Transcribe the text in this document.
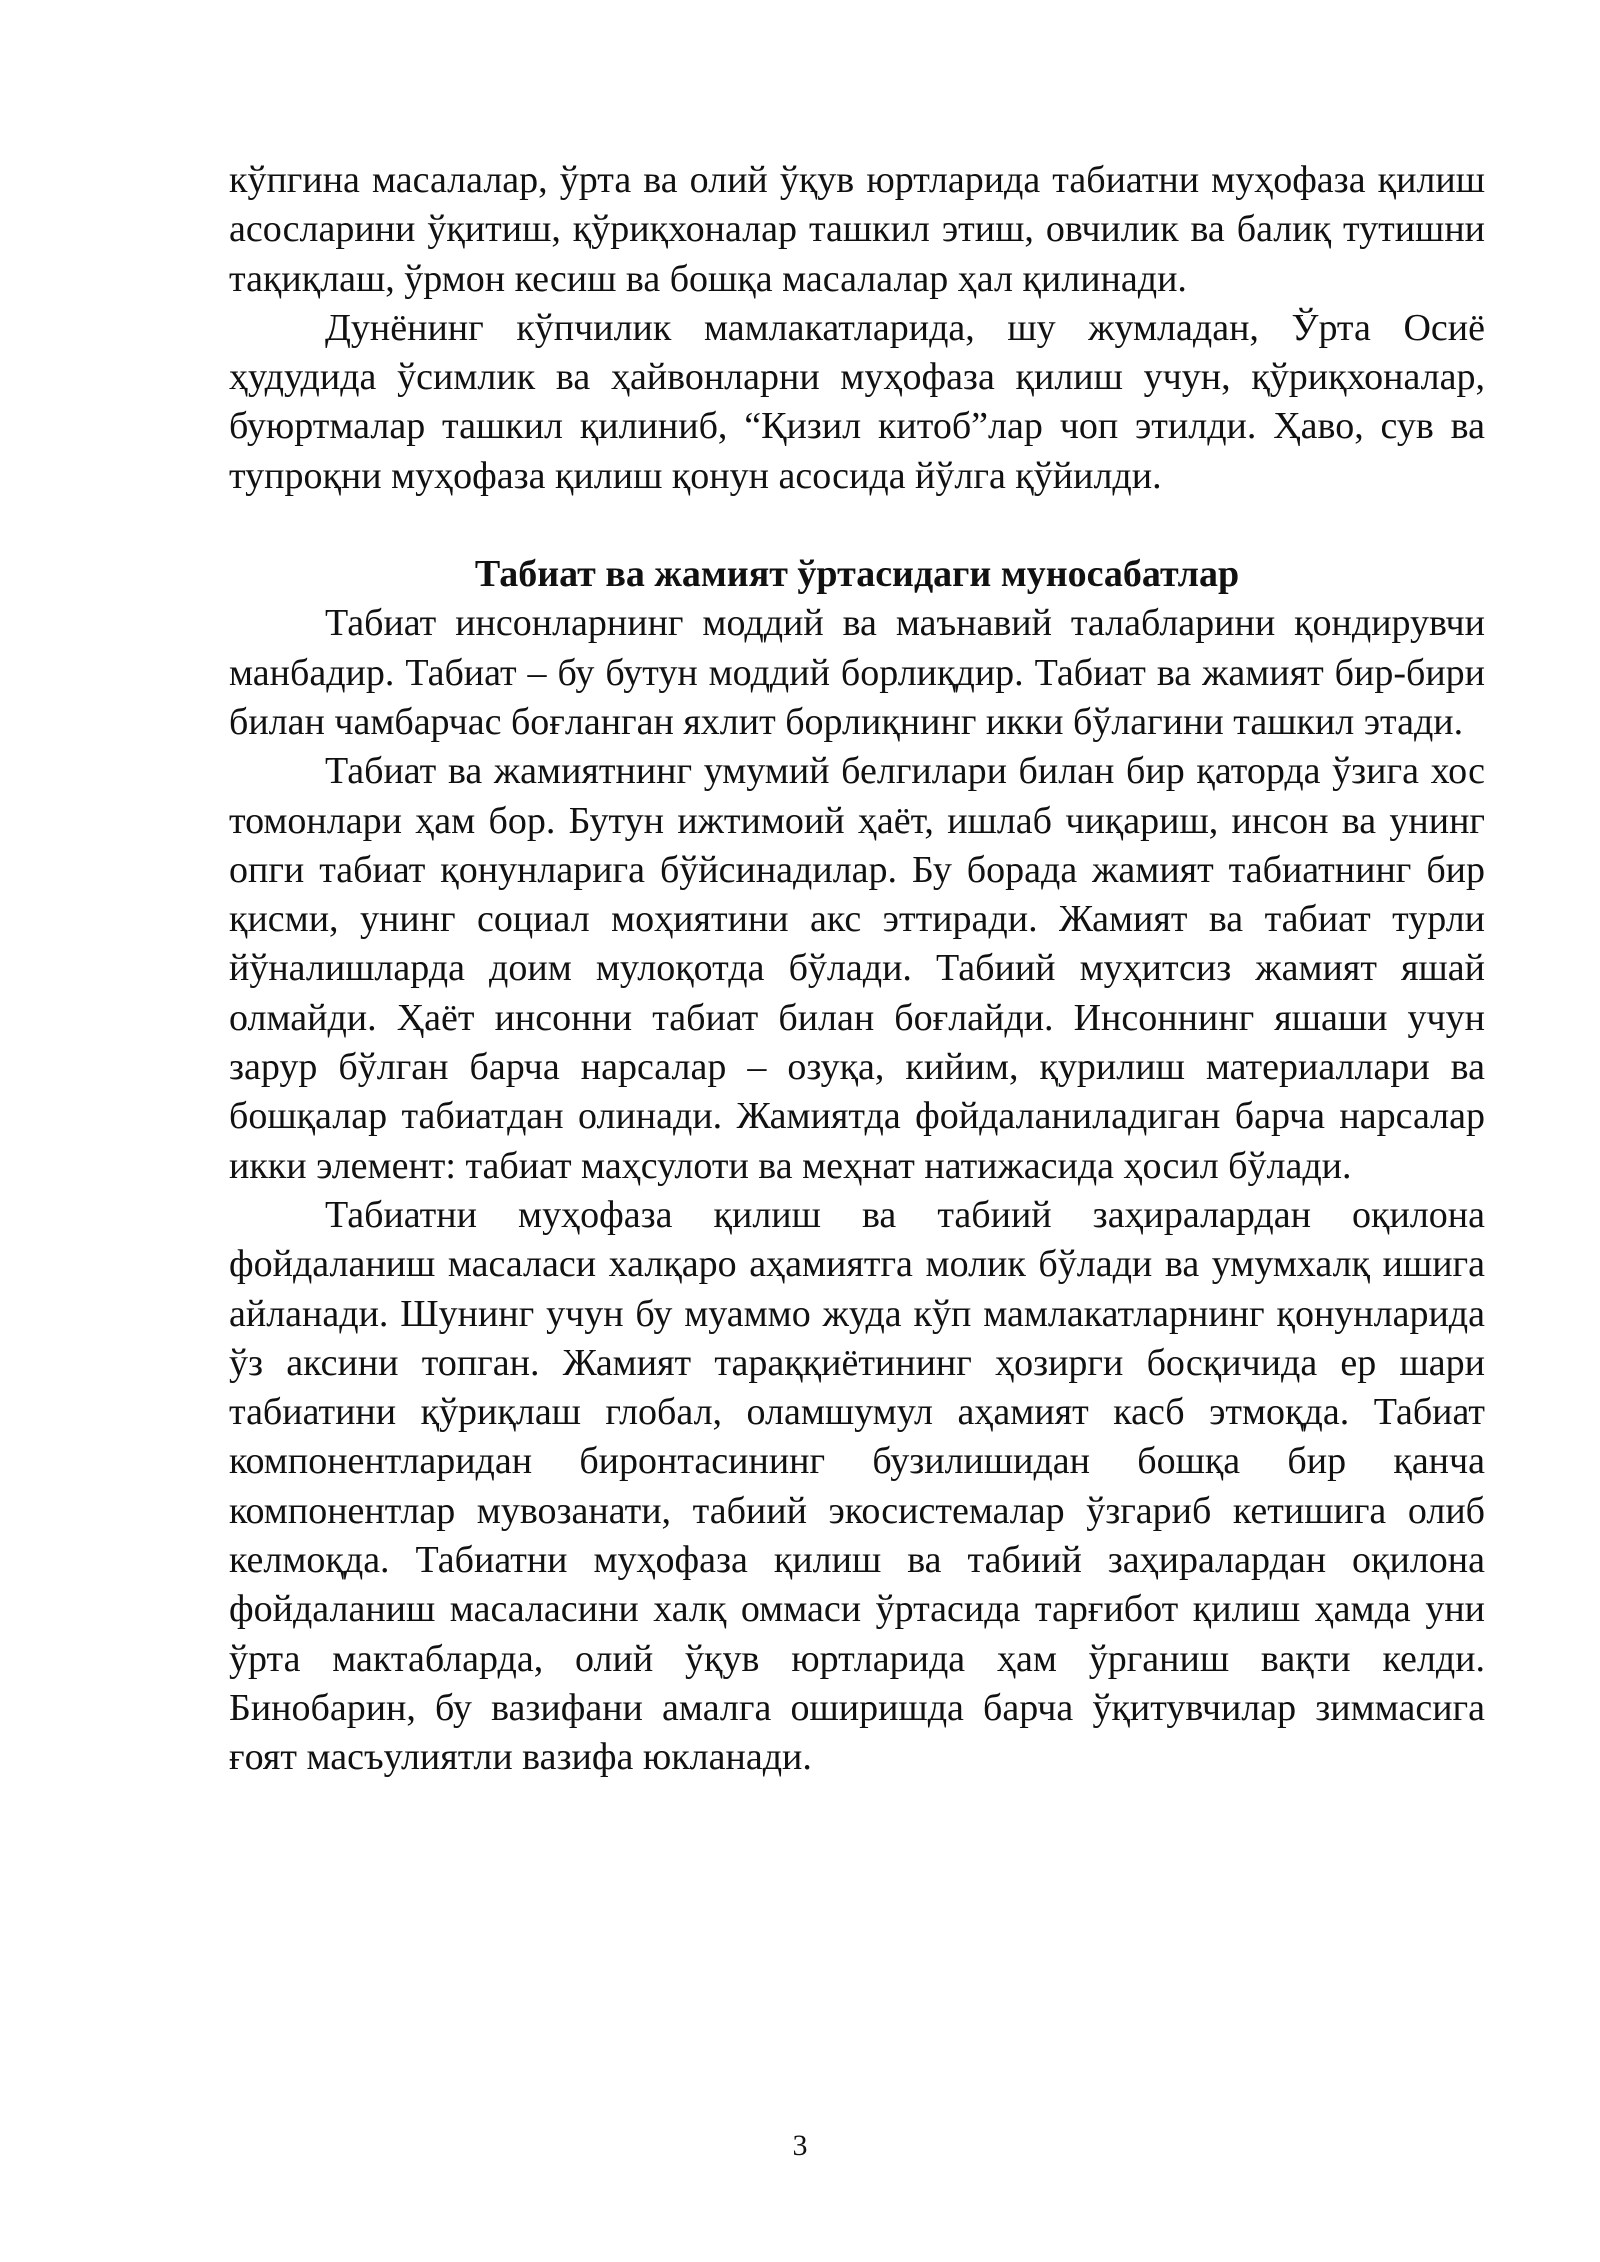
кўпгина масалалар, ўрта ва олий ўқув юртларида табиатни муҳофаза қилиш асосларини ўқитиш, қўриқхоналар ташкил этиш, овчилик ва балиқ тутишни тақиқлаш, ўрмон кесиш ва бошқа масалалар ҳал қилинади.

Дунёнинг кўпчилик мамлакатларида, шу жумладан, Ўрта Осиё ҳудудида ўсимлик ва ҳайвонларни муҳофаза қилиш учун, қўриқхоналар, буюртмалар ташкил қилиниб, “Қизил китоб”лар чоп этилди. Ҳаво, сув ва тупроқни муҳофаза қилиш қонун асосида йўлга қўйилди.

Табиат ва жамият ўртасидаги муносабатлар

Табиат инсонларнинг моддий ва маънавий талабларини қондирувчи манбадир. Табиат – бу бутун моддий борлиқдир. Табиат ва жамият бир-бири билан чамбарчас боғланган яхлит борлиқнинг икки бўлагини ташкил этади.

Табиат ва жамиятнинг умумий белгилари билан бир қаторда ўзига хос томонлари ҳам бор. Бутун ижтимоий ҳаёт, ишлаб чиқариш, инсон ва унинг опги табиат қонунларига бўйсинадилар. Бу борада жамият табиатнинг бир қисми, унинг социал моҳиятини акс эттиради. Жамият ва табиат турли йўналишларда доим мулоқотда бўлади. Табиий муҳитсиз жамият яшай олмайди. Ҳаёт инсонни табиат билан боғлайди. Инсоннинг яшаши учун зарур бўлган барча нарсалар – озуқа, кийим, қурилиш материаллари ва бошқалар табиатдан олинади. Жамиятда фойдаланиладиган барча нарсалар икки элемент: табиат маҳсулоти ва меҳнат натижасида ҳосил бўлади.

Табиатни муҳофаза қилиш ва табиий заҳиралардан оқилона фойдаланиш масаласи халқаро аҳамиятга молик бўлади ва умумхалқ ишига айланади. Шунинг учун бу муаммо жуда кўп мамлакатларнинг қонунларида ўз аксини топган. Жамият тараққиётининг ҳозирги босқичида ер шари табиатини қўриқлаш глобал, оламшумул аҳамият касб этмоқда. Табиат компонентларидан биронтасининг бузилишидан бошқа бир қанча компонентлар мувозанати, табиий экосистемалар ўзгариб кетишига олиб келмоқда. Табиатни муҳофаза қилиш ва табиий заҳиралардан оқилона фойдаланиш масаласини халқ оммаси ўртасида тарғибот қилиш ҳамда уни ўрта мактабларда, олий ўқув юртларида ҳам ўрганиш вақти келди. Бинобарин, бу вазифани амалга оширишда барча ўқитувчилар зиммасига ғоят масъулиятли вазифа юкланади.

3
